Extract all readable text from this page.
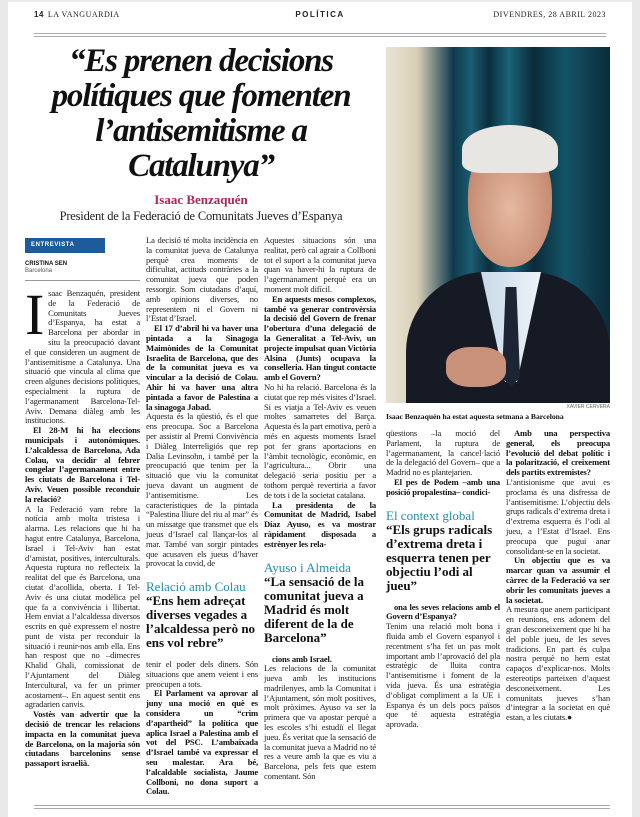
14 LA VANGUARDIA	POLÍTICA	DIVENDRES, 28 ABRIL 2023
“Es prenen decisions polítiques que fomenten l’antisemitisme a Catalunya”
Isaac Benzaquén
President de la Federació de Comunitats Jueves d’Espanya
ENTREVISTA
CRISTINA SEN
Barcelona

Isaac Benzaquén, president de la Federació de Comunitats Jueves d’Espanya, ha estat a Barcelona per abordar in situ la preocupació davant el que consideren un augment de l’antisemitisme a Catalunya. Una situació que vincula al clima que creen algunes decisions polítiques, especialment la ruptura de l’agermanament Barcelona-Tel-Aviv. Demana diàleg amb les institucions.

El 28-M hi ha eleccions municipals i autonòmiques. L’alcaldessa de Barcelona, Ada Colau, va decidir al febrer congelar l’agermanament entre les ciutats de Barcelona i Tel-Aviv. Veuen possible reconduir la relació?

A la Federació vam rebre la notícia amb molta tristesa i alarma. Les relacions que hi ha hagut entre Catalunya, Barcelona, Israel i Tel-Aviv han estat d’amistat, positives, interculturals. Aquesta ruptura no reflecteix la realitat del que és Barcelona, una ciutat d’acollida, oberta. I Tel-Aviv és una ciutat modèlica pel que fa a convivència i llibertat. Hem enviat a l’alcaldessa diversos escrits en què expressem el nostre punt de vista per reconduir la situació i reunir-nos amb ella. Ens han respost que no –dimecres Khalid Ghali, comissionat de l’Ajuntament del Diàleg Intercultural, va fer un primer acostament–. En aquest sentit ens agradarien canvis.

Vostès van advertir que la decisió de trencar les relacions impacta en la comunitat jueva de Barcelona, on la majoria són ciutadans barcelonins sense passaport israelià.

La decisió té molta incidència en la comunitat jueva de Catalunya perquè crea moments de dificultat, actituds contràries a la comunitat jueva que poden ressorgir. Som ciutadans d’aquí, amb opinions diverses, no representem ni el Govern ni l’Estat d’Israel.

El 17 d’abril hi va haver una pintada a la Sinagoga Maimònides de la Comunitat Israelita de Barcelona, que des de la comunitat jueva es va vincular a la decisió de Colau. Ahir hi va haver una altra pintada a favor de Palestina a la sinagoga Jabad.

Aquesta és la qüestió, és el que ens preocupa. Soc a Barcelona per assistir al Premi Convivència i Diàleg Interreligiós que rep Dalia Levinsohn, i també per la preocupació que tenim per la situació que viu la comunitat jueva davant un augment de l’antisemitisme. Les característiques de la pintada “Palestina lliure del riu al mar” és un missatge que transmet que els jueus d’Israel cal llançar-los al mar. També van sorgir pintades que acusaven els jueus d’haver provocat la covid, de

Relació amb Colau
“Ens hem adreçat diverses vegades a l’alcaldessa però no ens vol rebre”

tenir el poder dels diners. Són situacions que anem veient i ens preocupen a tots.

El Parlament va aprovar al juny una moció en què es considera un “crim d’apartheid” la política que aplica Israel a Palestina amb el vot del PSC. L’ambaixada d’Israel també va expressar el seu malestar. Ara bé, l’alcaldable socialista, Jaume Collboni, no dona suport a Colau.

Aquestes situacions són una realitat, però cal agrair a Collboni tot el suport a la comunitat jueva quan va haver-hi la ruptura de l’agermanament perquè era un moment molt difícil.

En aquests mesos complexos, també va generar controvèrsia la decisió del Govern de frenar l’obertura d’una delegació de la Generalitat a Tel-Aviv, un projecte impulsat quan Victòria Alsina (Junts) ocupava la conselleria. Han tingut contacte amb el Govern?

No hi ha relació. Barcelona és la ciutat que rep més visites d’Israel. Si es viatja a Tel-Aviv es veuen moltes samarretes del Barça. Aquesta és la part emotiva, però a més en aquests moments Israel pot fer grans aportacions en l’àmbit tecnològic, econòmic, en l’agricultura... Obrir una delegació seria positiu per a tothom perquè revertiria a favor de tots i de la societat catalana.

La presidenta de la Comunitat de Madrid, Isabel Díaz Ayuso, es va mostrar ràpidament disposada a estrènyer les rela-

Ayuso i Almeida
“La sensació de la comunitat jueva a Madrid és molt diferent de la de Barcelona”

cions amb Israel.

Les relacions de la comunitat jueva amb les institucions madrilenyes, amb la Comunitat i l’Ajuntament, són molt positives, molt pròximes. Ayuso va ser la primera que va apostar perquè a les escoles s’hi estudiï el llegat jueu. És veritat que la sensació de la comunitat jueva a Madrid no té res a veure amb la que es viu a Barcelona, pels fets que estem comentant. Són

XAVIER CERVERA
Isaac Benzaquén ha estat aquesta setmana a Barcelona

qüestions –la moció del Parlament, la ruptura de l’agermanament, la cancel·lació de la delegació del Govern– que a Madrid no es plantejarien.

El pes de Podem –amb una posició propalestina– condici-

El context global
“Els grups radicals d’extrema dreta i esquerra tenen per objectiu l’odi al jueu”

ona les seves relacions amb el Govern d’Espanya?

Tenim una relació molt bona i fluida amb el Govern espanyol i recentment s’ha fet un pas molt important amb l’aprovació del pla estratègic de lluita contra l’antisemitisme i foment de la vida jueva. És una estratègia d’obligat compliment a la UE i Espanya és un dels pocs països que té aquesta estratègia aprovada.

Amb una perspectiva general, els preocupa l’evolució del debat polític i la polarització, el creixement dels partits extremistes?

L’antisionisme que avui es proclama és una disfressa de l’antisemitisme. L’objectiu dels grups radicals d’extrema dreta i d’extrema esquerra és l’odi al jueu, a l’Estat d’Israel. Ens preocupa que pugui anar consolidant-se en la societat.

Un objectiu que es va marcar quan va assumir el càrrec de la Federació va ser obrir les comunitats jueves a la societat.

A mesura que anem participant en reunions, ens adonem del gran desconeixement que hi ha del poble jueu, de les seves tradicions. En part és culpa nostra perquè no hem estat capaços d’explicar-nos. Molts estereotips parteixen d’aquest desconeixement. Les comunitats jueves s’han d’integrar a la societat en què estan, a les ciutats.●
